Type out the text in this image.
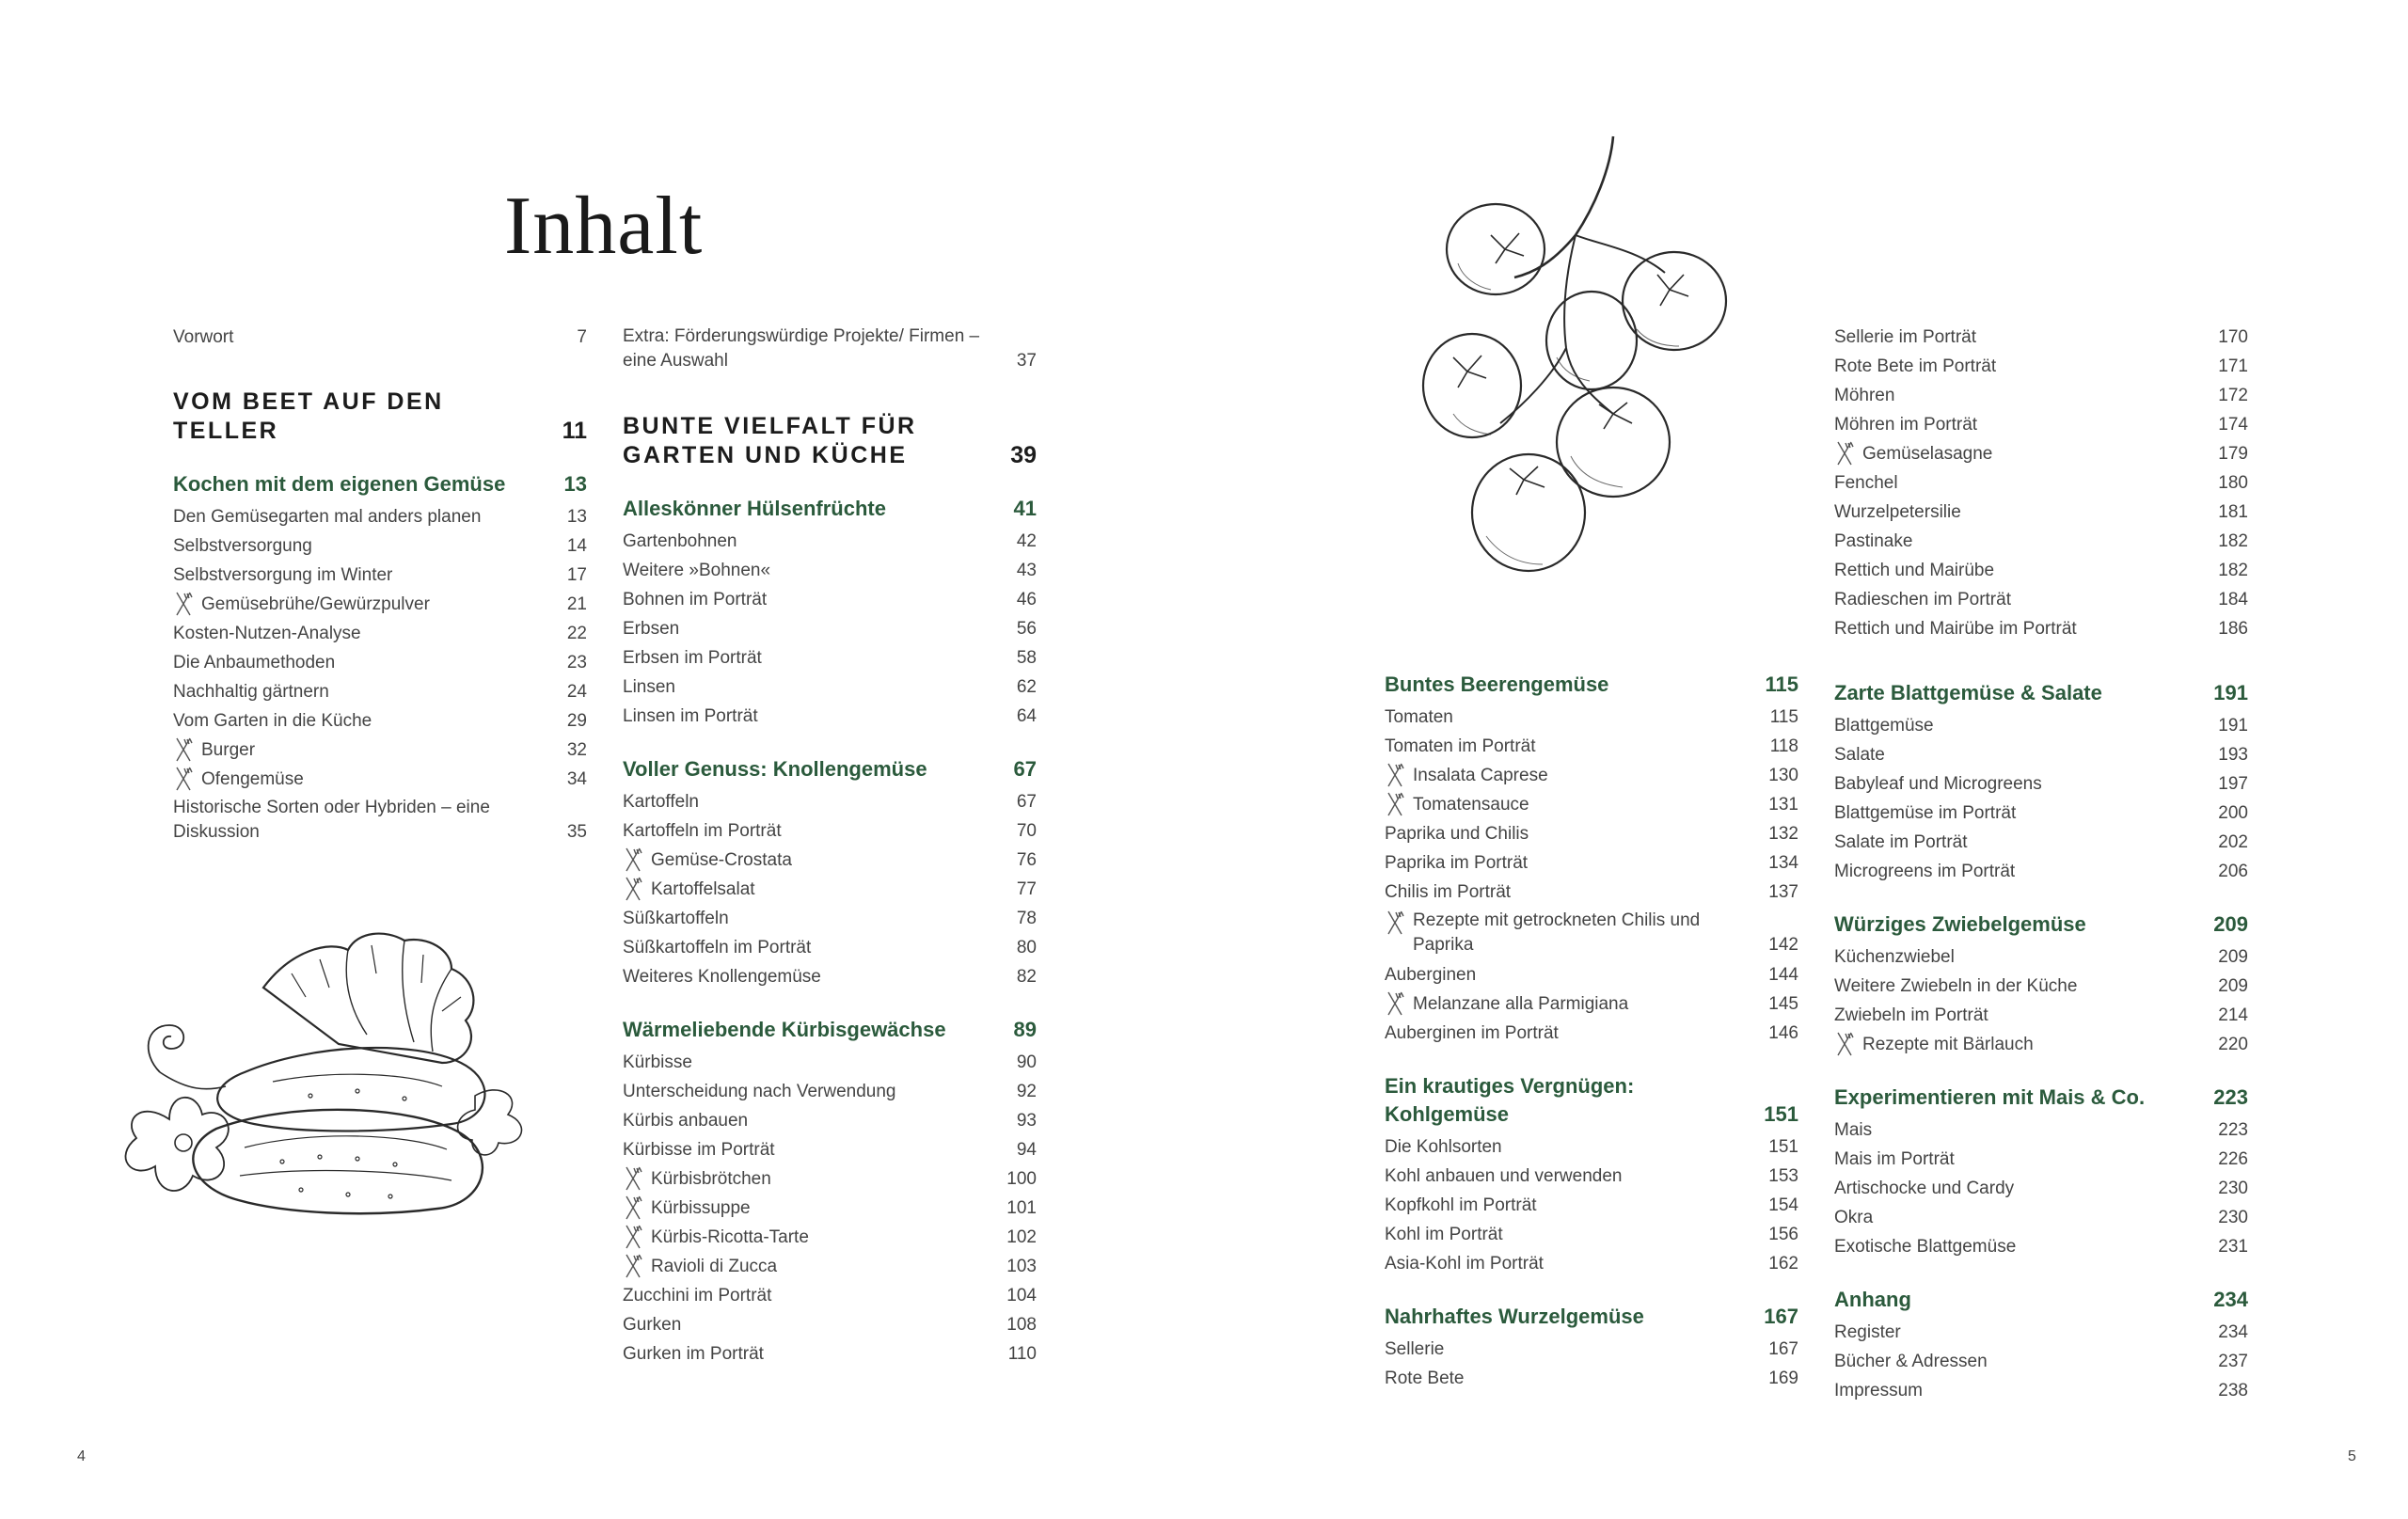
Inhalt
Vorwort	7
VOM BEET AUF DEN TELLER	11
Kochen mit dem eigenen Gemüse	13
Den Gemüsegarten mal anders planen	13
Selbstversorgung	14
Selbstversorgung im Winter	17
Gemüsebrühe/Gewürzpulver	21
Kosten-Nutzen-Analyse	22
Die Anbaumethoden	23
Nachhaltig gärtnern	24
Vom Garten in die Küche	29
Burger	32
Ofengemüse	34
Historische Sorten oder Hybriden – eine Diskussion	35
Extra: Förderungswürdige Projekte/ Firmen – eine Auswahl	37
BUNTE VIELFALT FÜR GARTEN UND KÜCHE	39
Alleskönner Hülsenfrüchte	41
Gartenbohnen	42
Weitere »Bohnen«	43
Bohnen im Porträt	46
Erbsen	56
Erbsen im Porträt	58
Linsen	62
Linsen im Porträt	64
Voller Genuss: Knollengemüse	67
Kartoffeln	67
Kartoffeln im Porträt	70
Gemüse-Crostata	76
Kartoffelsalat	77
Süßkartoffeln	78
Süßkartoffeln im Porträt	80
Weiteres Knollengemüse	82
Wärmeliebende Kürbisgewächse	89
Kürbisse	90
Unterscheidung nach Verwendung	92
Kürbis anbauen	93
Kürbisse im Porträt	94
Kürbisbrötchen	100
Kürbissuppe	101
Kürbis-Ricotta-Tarte	102
Ravioli di Zucca	103
Zucchini im Porträt	104
Gurken	108
Gurken im Porträt	110
Buntes Beerengemüse	115
Tomaten	115
Tomaten im Porträt	118
Insalata Caprese	130
Tomatensauce	131
Paprika und Chilis	132
Paprika im Porträt	134
Chilis im Porträt	137
Rezepte mit getrockneten Chilis und Paprika	142
Auberginen	144
Melanzane alla Parmigiana	145
Auberginen im Porträt	146
Ein krautiges Vergnügen: Kohlgemüse	151
Die Kohlsorten	151
Kohl anbauen und verwenden	153
Kopfkohl im Porträt	154
Kohl im Porträt	156
Asia-Kohl im Porträt	162
Nahrhaftes Wurzelgemüse	167
Sellerie	167
Rote Bete	169
Sellerie im Porträt	170
Rote Bete im Porträt	171
Möhren	172
Möhren im Porträt	174
Gemüselasagne	179
Fenchel	180
Wurzelpetersilie	181
Pastinake	182
Rettich und Mairübe	182
Radieschen im Porträt	184
Rettich und Mairübe im Porträt	186
Zarte Blattgemüse & Salate	191
Blattgemüse	191
Salate	193
Babyleaf und Microgreens	197
Blattgemüse im Porträt	200
Salate im Porträt	202
Microgreens im Porträt	206
Würziges Zwiebelgemüse	209
Küchenzwiebel	209
Weitere Zwiebeln in der Küche	209
Zwiebeln im Porträt	214
Rezepte mit Bärlauch	220
Experimentieren mit Mais & Co.	223
Mais	223
Mais im Porträt	226
Artischocke und Cardy	230
Okra	230
Exotische Blattgemüse	231
Anhang	234
Register	234
Bücher & Adressen	237
Impressum	238
4	5
